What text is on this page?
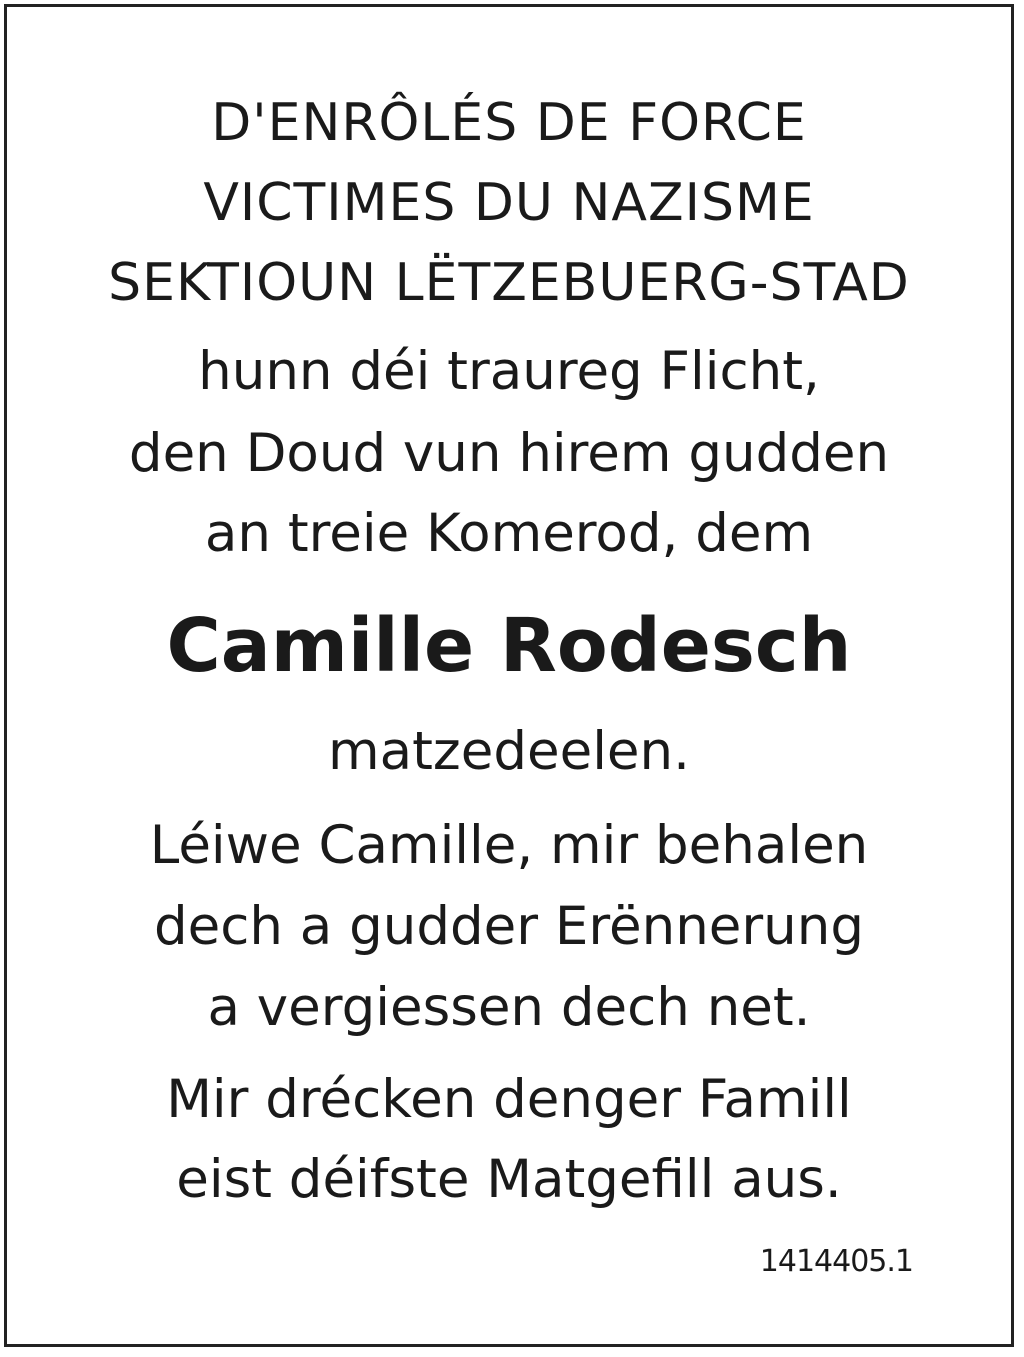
D'ENRÔLÉS DE FORCE
VICTIMES DU NAZISME
SEKTIOUN LËTZEBUERG-STAD
hunn déi traureg Flicht,
den Doud vun hirem gudden
an treie Komerod, dem
Camille Rodesch
matzedeelen.
Léiwe Camille, mir behalen
dech a gudder Erënnerung
a vergiessen dech net.
Mir drécken denger Famill
eist déifste Matgefill aus.
1414405.1
